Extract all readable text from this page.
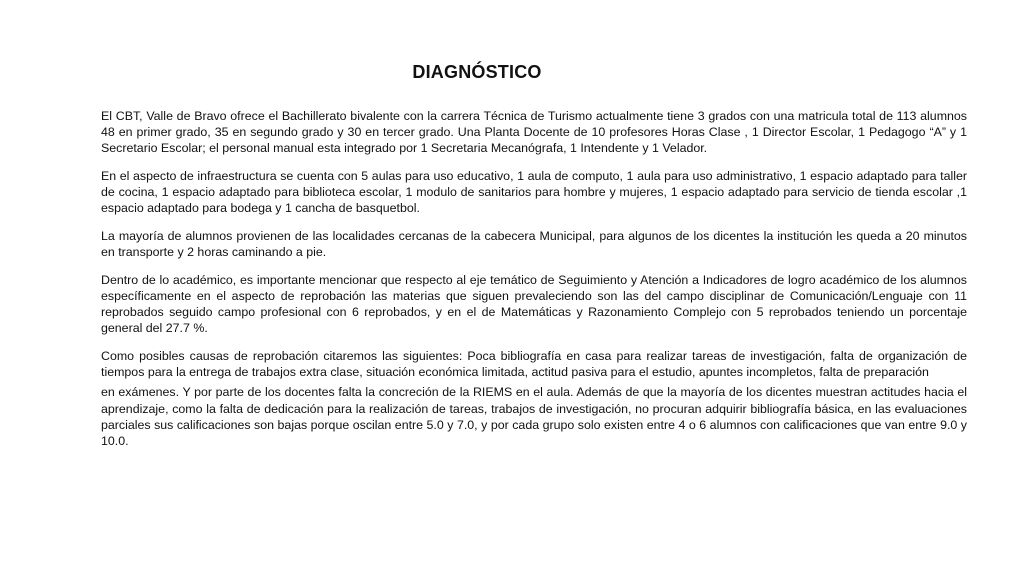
DIAGNÓSTICO

El CBT, Valle de Bravo ofrece el Bachillerato bivalente con la carrera Técnica de Turismo actualmente tiene 3 grados con una matricula total de 113 alumnos 48 en primer grado, 35 en segundo grado y 30 en tercer grado. Una Planta Docente de 10 profesores Horas Clase , 1 Director Escolar, 1 Pedagogo “A” y 1 Secretario Escolar; el personal manual esta integrado por 1 Secretaria Mecanógrafa, 1 Intendente y 1 Velador.

En el aspecto de infraestructura se cuenta con 5 aulas para uso educativo, 1 aula de computo, 1 aula para uso administrativo, 1 espacio adaptado para taller de cocina, 1 espacio adaptado para biblioteca escolar, 1 modulo de sanitarios para hombre y mujeres, 1 espacio adaptado para servicio de tienda escolar ,1 espacio adaptado para bodega y 1 cancha de basquetbol.

La mayoría de alumnos provienen de las localidades cercanas de la cabecera Municipal, para algunos de los dicentes la institución les queda a 20 minutos en transporte y 2 horas caminando a pie.

Dentro de lo académico, es importante mencionar que respecto al eje temático de Seguimiento y Atención a Indicadores de logro académico de los alumnos específicamente en el aspecto de reprobación las materias que siguen prevaleciendo son las del campo disciplinar de Comunicación/Lenguaje con 11 reprobados seguido campo profesional con 6 reprobados, y en el de Matemáticas y Razonamiento Complejo con 5 reprobados teniendo un porcentaje general del 27.7 %.

Como posibles causas de reprobación citaremos las siguientes: Poca bibliografía en casa para realizar tareas de investigación, falta de organización de tiempos para la entrega de trabajos extra clase, situación económica limitada, actitud pasiva para el estudio, apuntes incompletos, falta de preparación

en exámenes. Y por parte de los docentes falta la concreción de la RIEMS en el aula. Además de que la mayoría de los dicentes muestran actitudes hacia el aprendizaje, como la falta de dedicación para la realización de tareas, trabajos de investigación, no procuran adquirir bibliografía básica, en las evaluaciones parciales sus calificaciones son bajas porque oscilan entre 5.0 y 7.0, y por cada grupo solo existen entre 4 o 6 alumnos con calificaciones que van entre 9.0 y 10.0.
